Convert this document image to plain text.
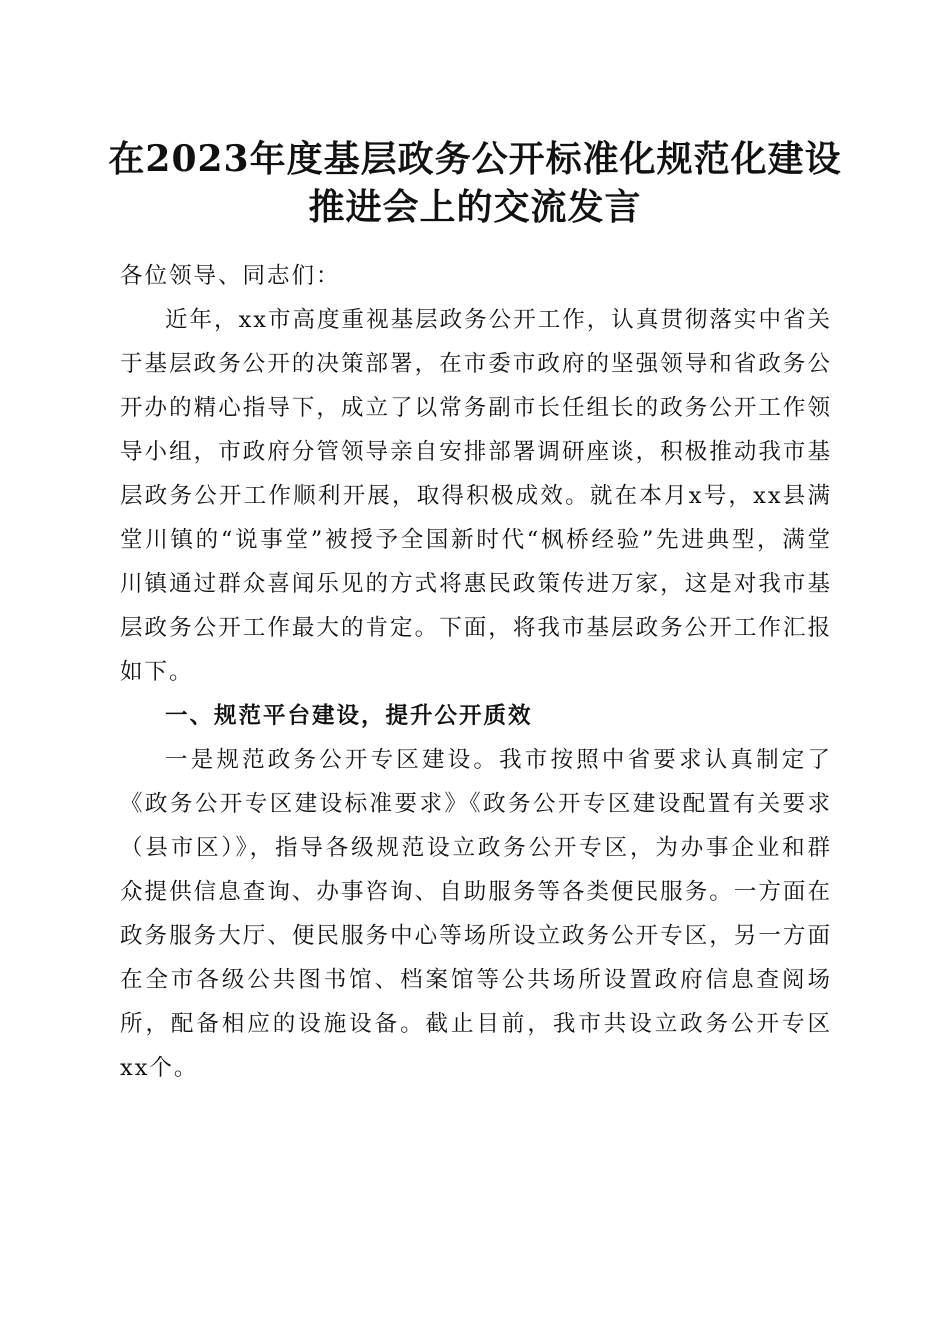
在2023年度基层政务公开标准化规范化建设
推进会上的交流发言

各位领导、同志们：

近年，xx市高度重视基层政务公开工作，认真贯彻落实中省关于基层政务公开的决策部署，在市委市政府的坚强领导和省政务公开办的精心指导下，成立了以常务副市长任组长的政务公开工作领导小组，市政府分管领导亲自安排部署调研座谈，积极推动我市基层政务公开工作顺利开展，取得积极成效。就在本月x号，xx县满堂川镇的“说事堂”被授予全国新时代“枫桥经验”先进典型，满堂川镇通过群众喜闻乐见的方式将惠民政策传进万家，这是对我市基层政务公开工作最大的肯定。下面，将我市基层政务公开工作汇报如下。

一、规范平台建设，提升公开质效

一是规范政务公开专区建设。我市按照中省要求认真制定了《政务公开专区建设标准要求》《政务公开专区建设配置有关要求（县市区）》，指导各级规范设立政务公开专区，为办事企业和群众提供信息查询、办事咨询、自助服务等各类便民服务。一方面在政务服务大厅、便民服务中心等场所设立政务公开专区，另一方面在全市各级公共图书馆、档案馆等公共场所设置政府信息查阅场所，配备相应的设施设备。截止目前，我市共设立政务公开专区xx个。
